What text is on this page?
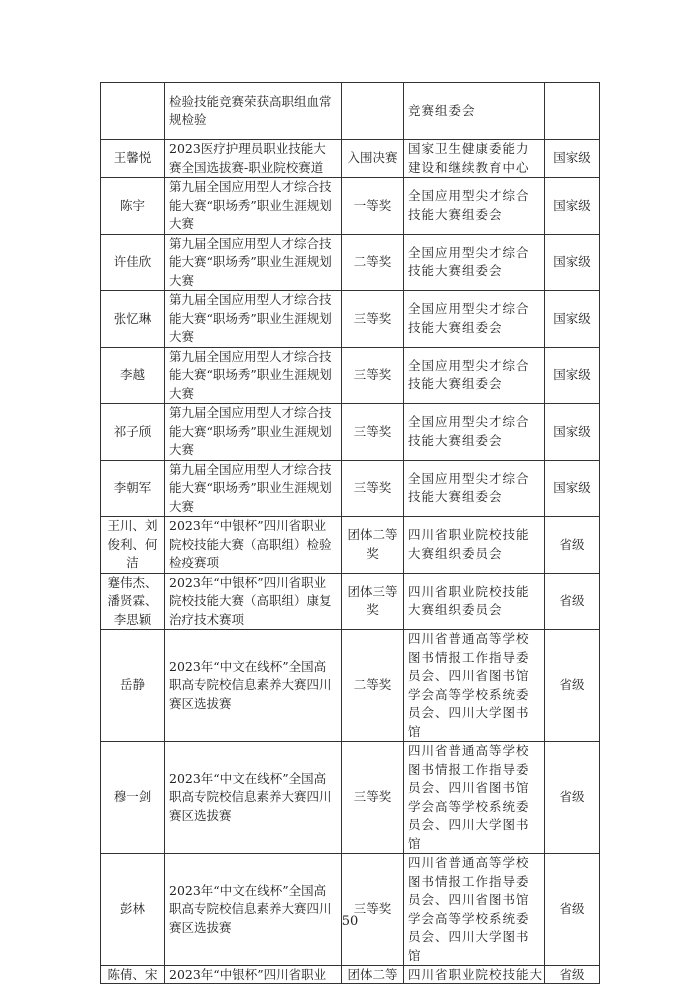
	检验技能竞赛荣获高职组血常规检验		竞赛组委会	
王馨悦	2023医疗护理员职业技能大赛全国选拔赛-职业院校赛道	入围决赛	国家卫生健康委能力建设和继续教育中心	国家级
陈宇	第九届全国应用型人才综合技能大赛“职场秀”职业生涯规划大赛	一等奖	全国应用型尖才综合技能大赛组委会	国家级
许佳欣	第九届全国应用型人才综合技能大赛“职场秀”职业生涯规划大赛	二等奖	全国应用型尖才综合技能大赛组委会	国家级
张忆琳	第九届全国应用型人才综合技能大赛“职场秀”职业生涯规划大赛	三等奖	全国应用型尖才综合技能大赛组委会	国家级
李越	第九届全国应用型人才综合技能大赛“职场秀”职业生涯规划大赛	三等奖	全国应用型尖才综合技能大赛组委会	国家级
祁子颀	第九届全国应用型人才综合技能大赛“职场秀”职业生涯规划大赛	三等奖	全国应用型尖才综合技能大赛组委会	国家级
李朝军	第九届全国应用型人才综合技能大赛“职场秀”职业生涯规划大赛	三等奖	全国应用型尖才综合技能大赛组委会	国家级
王川、刘俊利、何洁	2023年“中银杯”四川省职业院校技能大赛（高职组）检验检疫赛项	团体二等奖	四川省职业院校技能大赛组织委员会	省级
蹇伟杰、潘贤霖、李思颖	2023年“中银杯”四川省职业院校技能大赛（高职组）康复治疗技术赛项	团体三等奖	四川省职业院校技能大赛组织委员会	省级
岳静	2023年“中文在线杯”全国高职高专院校信息素养大赛四川赛区选拔赛	二等奖	四川省普通高等学校图书情报工作指导委员会、四川省图书馆学会高等学校系统委员会、四川大学图书馆	省级
穆一剑	2023年“中文在线杯”全国高职高专院校信息素养大赛四川赛区选拔赛	三等奖	四川省普通高等学校图书情报工作指导委员会、四川省图书馆学会高等学校系统委员会、四川大学图书馆	省级
彭林	2023年“中文在线杯”全国高职高专院校信息素养大赛四川赛区选拔赛	三等奖	四川省普通高等学校图书情报工作指导委员会、四川省图书馆学会高等学校系统委员会、四川大学图书馆	省级
陈倩、宋	2023年“中银杯”四川省职业	团体二等	四川省职业院校技能大	省级
50
